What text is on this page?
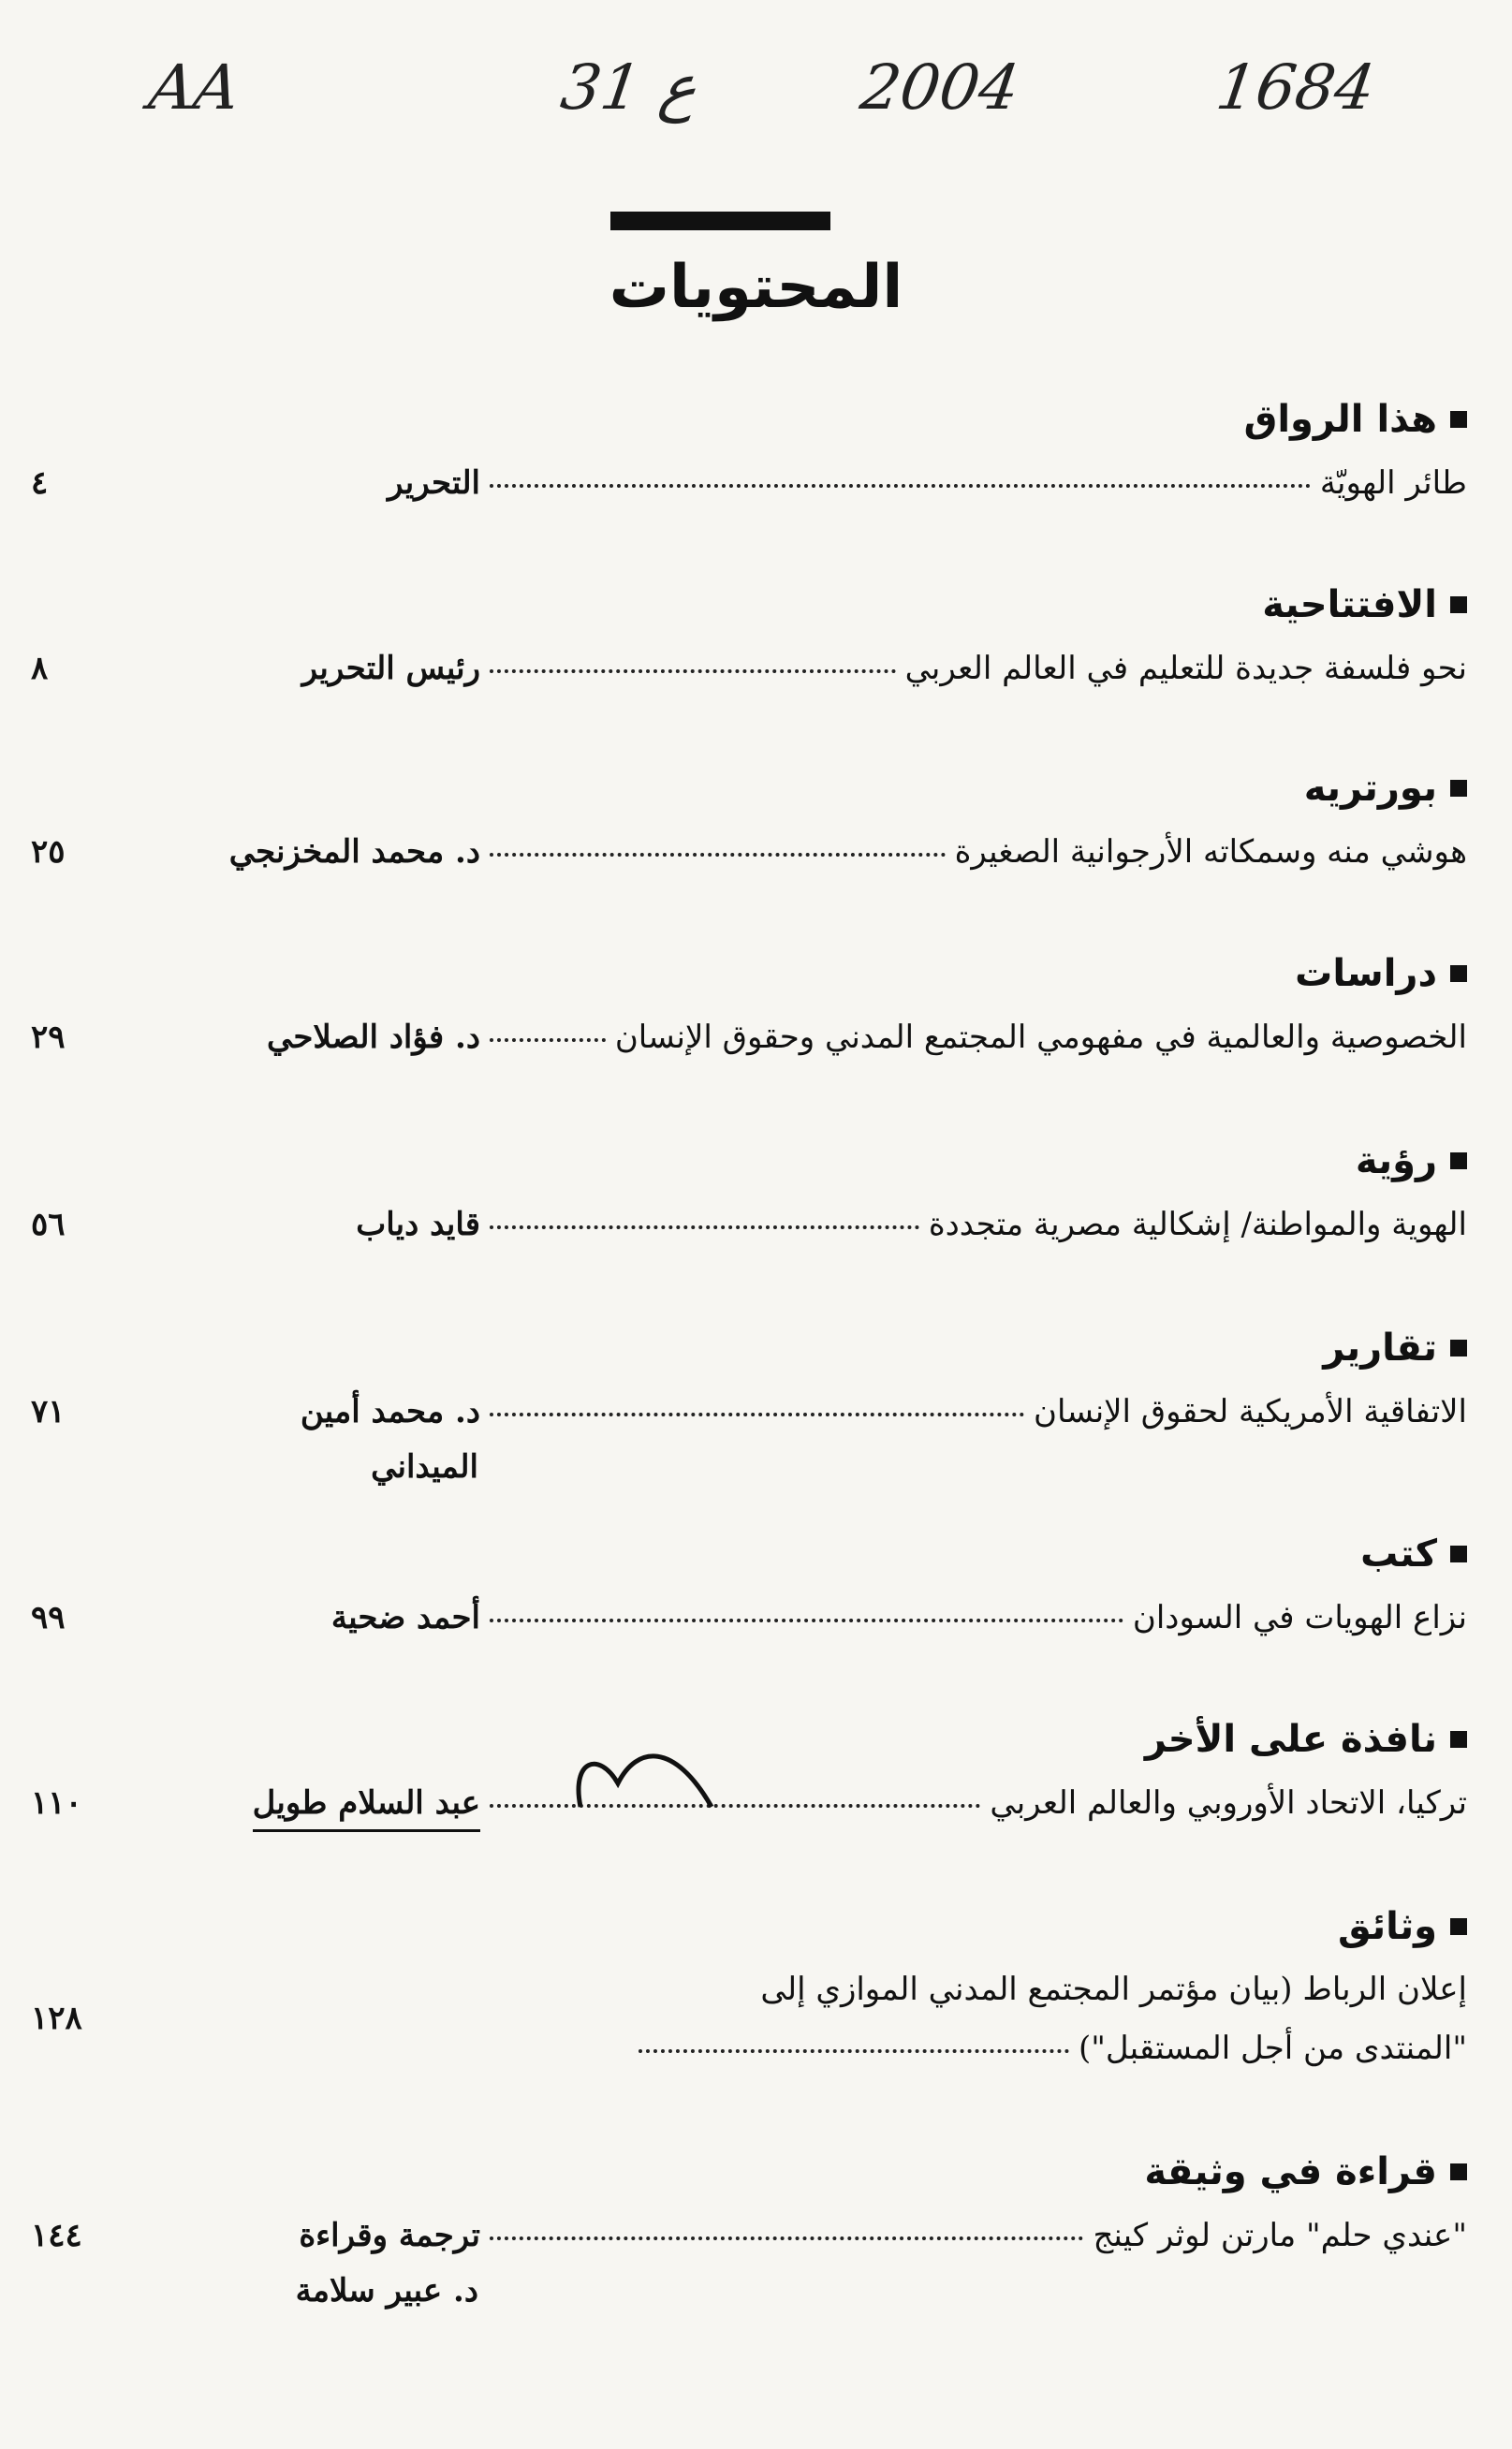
AA	31 ع 2004	1684
المحتويات
هذا الرواق
طائر الهويّة
التحرير
٤
الافتتاحية
نحو فلسفة جديدة للتعليم في العالم العربي
رئيس التحرير
٨
بورتريه
هوشي منه وسمكاته الأرجوانية الصغيرة
د. محمد المخزنجي
٢٥
دراسات
الخصوصية والعالمية في مفهومي المجتمع المدني وحقوق الإنسان
د. فؤاد الصلاحي
٢٩
رؤية
الهوية والمواطنة/ إشكالية مصرية متجددة
قايد دياب
٥٦
تقارير
الاتفاقية الأمريكية لحقوق الإنسان
د. محمد أمين
٧١
الميداني
كتب
نزاع الهويات في السودان
أحمد ضحية
٩٩
نافذة على الأخر
تركيا، الاتحاد الأوروبي والعالم العربي
عبد السلام طويل
١١٠
وثائق
إعلان الرباط (بيان مؤتمر المجتمع المدني الموازي إلى
"المنتدى من أجل المستقبل")
١٢٨
قراءة في وثيقة
"عندي حلم" مارتن لوثر كينج
ترجمة وقراءة
١٤٤
د. عبير سلامة
